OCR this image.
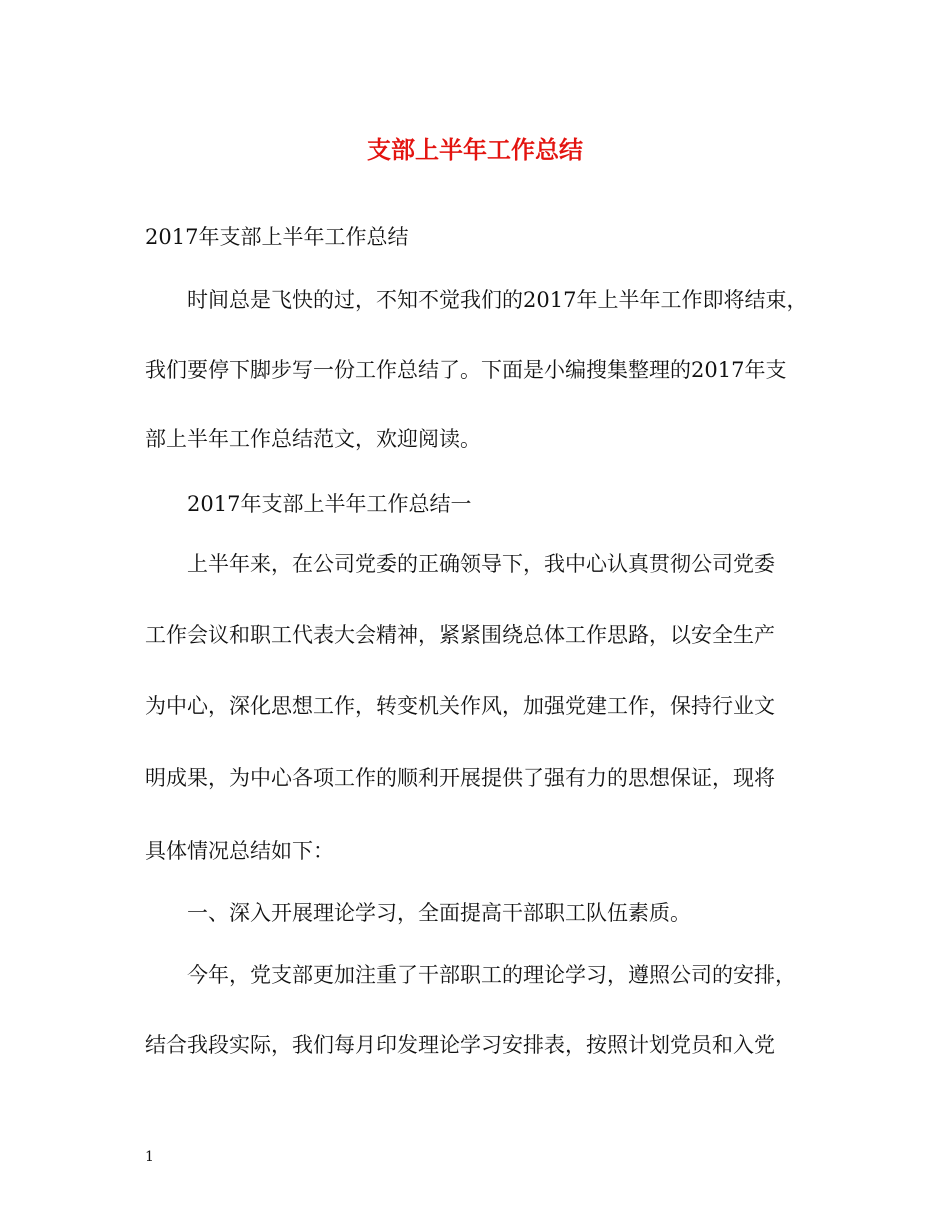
支部上半年工作总结
2017年支部上半年工作总结
时间总是飞快的过，不知不觉我们的2017年上半年工作即将结束，
我们要停下脚步写一份工作总结了。下面是小编搜集整理的2017年支
部上半年工作总结范文，欢迎阅读。
2017年支部上半年工作总结一
上半年来，在公司党委的正确领导下，我中心认真贯彻公司党委
工作会议和职工代表大会精神，紧紧围绕总体工作思路，以安全生产
为中心，深化思想工作，转变机关作风，加强党建工作，保持行业文
明成果，为中心各项工作的顺利开展提供了强有力的思想保证，现将
具体情况总结如下：
一、深入开展理论学习，全面提高干部职工队伍素质。
今年，党支部更加注重了干部职工的理论学习，遵照公司的安排，
结合我段实际，我们每月印发理论学习安排表，按照计划党员和入党
1
